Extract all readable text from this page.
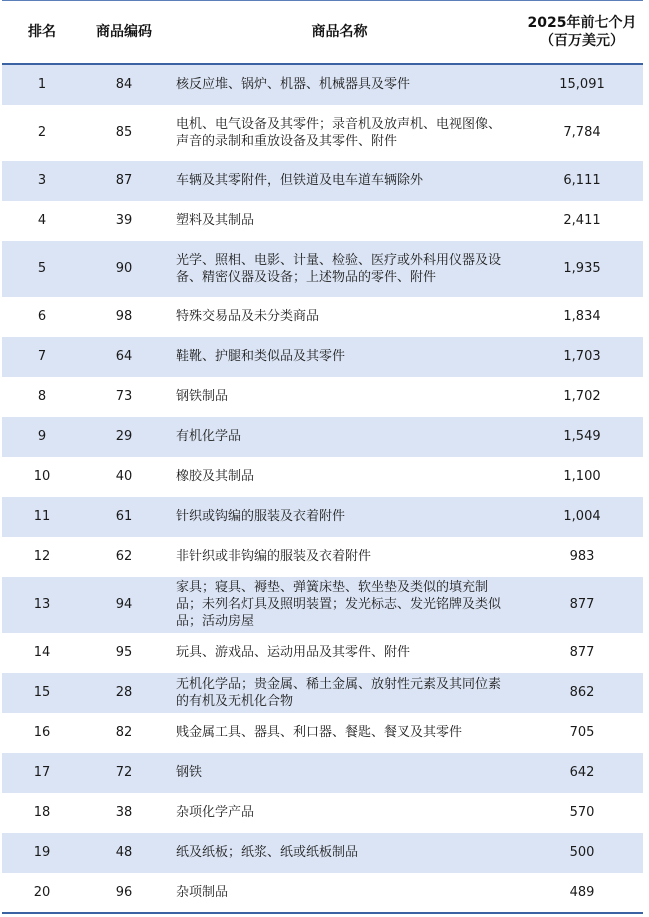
排名	商品编码	商品名称	2025年前七个月
（百万美元）

1	84	核反应堆、锅炉、机器、机械器具及零件	15,091
2	85	电机、电气设备及其零件；录音机及放声机、电视图像、声音的录制和重放设备及其零件、附件	7,784
3	87	车辆及其零附件，但铁道及电车道车辆除外	6,111
4	39	塑料及其制品	2,411
5	90	光学、照相、电影、计量、检验、医疗或外科用仪器及设备、精密仪器及设备；上述物品的零件、附件	1,935
6	98	特殊交易品及未分类商品	1,834
7	64	鞋靴、护腿和类似品及其零件	1,703
8	73	钢铁制品	1,702
9	29	有机化学品	1,549
10	40	橡胶及其制品	1,100
11	61	针织或钩编的服装及衣着附件	1,004
12	62	非针织或非钩编的服装及衣着附件	983
13	94	家具；寝具、褥垫、弹簧床垫、软坐垫及类似的填充制品；未列名灯具及照明装置；发光标志、发光铭牌及类似品；活动房屋	877
14	95	玩具、游戏品、运动用品及其零件、附件	877
15	28	无机化学品；贵金属、稀土金属、放射性元素及其同位素的有机及无机化合物	862
16	82	贱金属工具、器具、利口器、餐匙、餐叉及其零件	705
17	72	钢铁	642
18	38	杂项化学产品	570
19	48	纸及纸板；纸浆、纸或纸板制品	500
20	96	杂项制品	489
